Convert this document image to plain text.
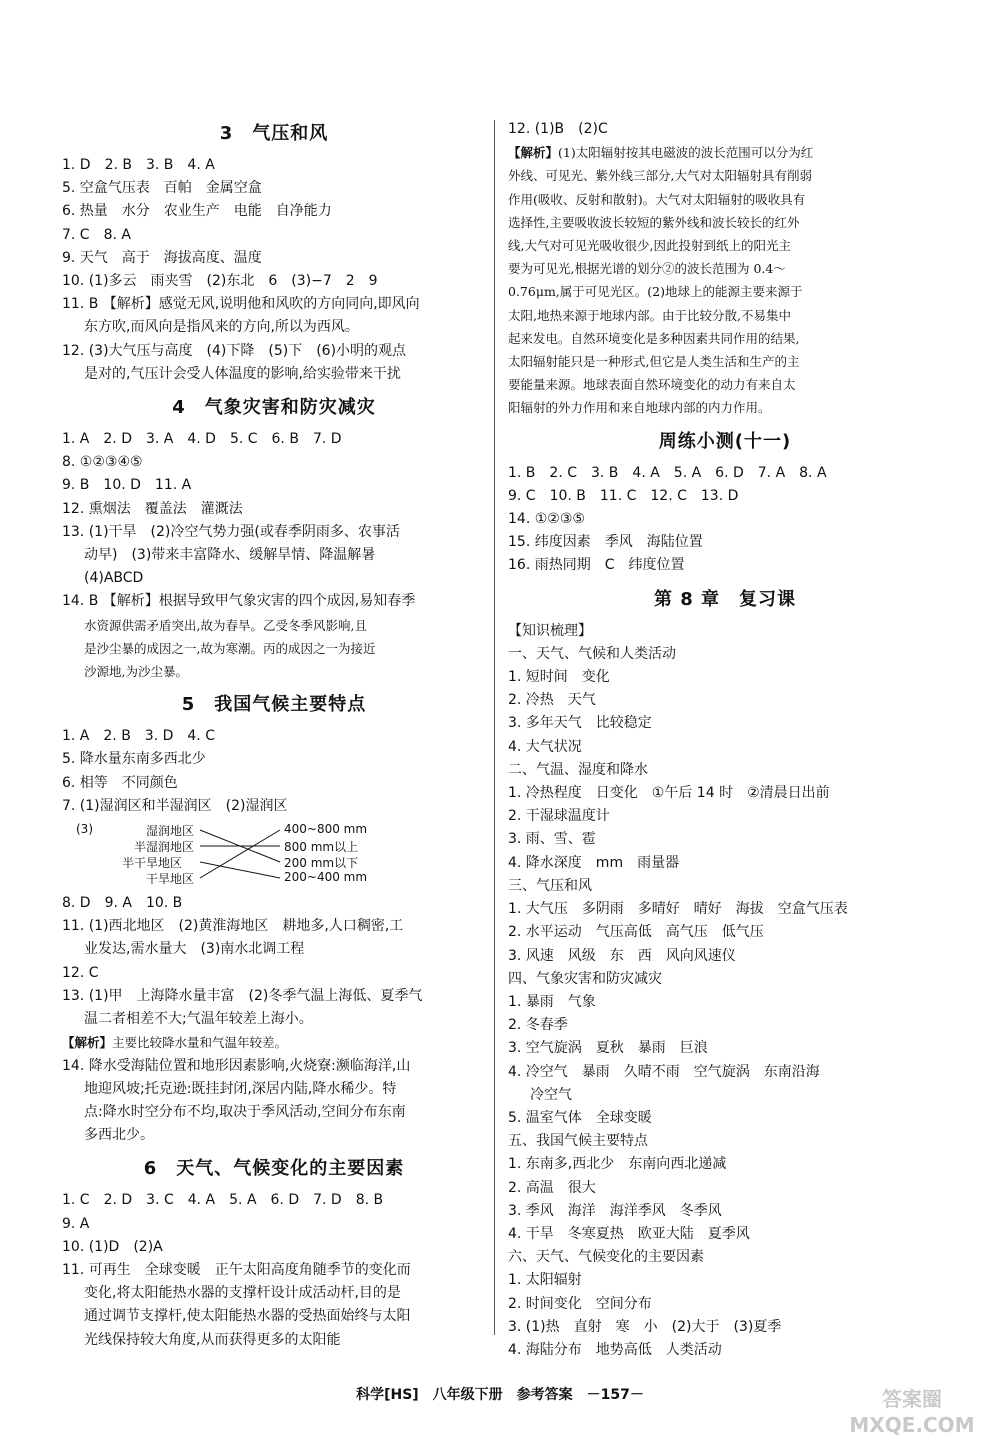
3　气压和风
1. D　2. B　3. B　4. A
5. 空盒气压表　百帕　金属空盒
6. 热量　水分　农业生产　电能　自净能力
7. C　8. A
9. 天气　高于　海拔高度、温度
10. (1)多云　雨夹雪　(2)东北　6　(3)−7　2　9
11. B 【解析】感觉无风,说明他和风吹的方向同向,即风向
东方吹,而风向是指风来的方向,所以为西风。
12. (3)大气压与高度　(4)下降　(5)下　(6)小明的观点
是对的,气压计会受人体温度的影响,给实验带来干扰
4　气象灾害和防灾减灾
1. A　2. D　3. A　4. D　5. C　6. B　7. D
8. ①②③④⑤
9. B　10. D　11. A
12. 熏烟法　覆盖法　灌溉法
13. (1)干旱　(2)冷空气势力强(或春季阴雨多、农事活
动早)　(3)带来丰富降水、缓解旱情、降温解暑
(4)ABCD
14. B 【解析】根据导致甲气象灾害的四个成因,易知春季
水资源供需矛盾突出,故为春旱。乙受冬季风影响,且
是沙尘暴的成因之一,故为寒潮。丙的成因之一为接近
沙源地,为沙尘暴。
5　我国气候主要特点
1. A　2. B　3. D　4. C
5. 降水量东南多西北少
6. 相等　不同颜色
7. (1)湿润区和半湿润区　(2)湿润区
(3)	湿润地区
半湿润地区
半干旱地区
干旱地区
400~800 mm
800 mm以上
200 mm以下
200~400 mm
8. D　9. A　10. B
11. (1)西北地区　(2)黄淮海地区　耕地多,人口稠密,工
业发达,需水量大　(3)南水北调工程
12. C
13. (1)甲　上海降水量丰富　(2)冬季气温上海低、夏季气
温二者相差不大;气温年较差上海小。
【解析】主要比较降水量和气温年较差。
14. 降水受海陆位置和地形因素影响,火烧寮:濒临海洋,山
地迎风坡;托克逊:既挂封闭,深居内陆,降水稀少。特
点:降水时空分布不均,取决于季风活动,空间分布东南
多西北少。
6　天气、气候变化的主要因素
1. C　2. D　3. C　4. A　5. A　6. D　7. D　8. B
9. A
10. (1)D　(2)A
11. 可再生　全球变暖　正午太阳高度角随季节的变化而
变化,将太阳能热水器的支撑杆设计成活动杆,目的是
通过调节支撑杆,使太阳能热水器的受热面始终与太阳
光线保持较大角度,从而获得更多的太阳能
12. (1)B　(2)C
【解析】(1)太阳辐射按其电磁波的波长范围可以分为红
外线、可见光、紫外线三部分,大气对太阳辐射具有削弱
作用(吸收、反射和散射)。大气对太阳辐射的吸收具有
选择性,主要吸收波长较短的紫外线和波长较长的红外
线,大气对可见光吸收很少,因此投射到纸上的阳光主
要为可见光,根据光谱的划分②的波长范围为 0.4～
0.76μm,属于可见光区。(2)地球上的能源主要来源于
太阳,地热来源于地球内部。由于比较分散,不易集中
起来发电。自然环境变化是多种因素共同作用的结果,
太阳辐射能只是一种形式,但它是人类生活和生产的主
要能量来源。地球表面自然环境变化的动力有来自太
阳辐射的外力作用和来自地球内部的内力作用。
周练小测(十一)
1. B　2. C　3. B　4. A　5. A　6. D　7. A　8. A
9. C　10. B　11. C　12. C　13. D
14. ①②③⑤
15. 纬度因素　季风　海陆位置
16. 雨热同期　C　纬度位置
第 8 章　复习课
【知识梳理】
一、天气、气候和人类活动
1. 短时间　变化
2. 冷热　天气
3. 多年天气　比较稳定
4. 大气状况
二、气温、湿度和降水
1. 冷热程度　日变化　①午后 14 时　②清晨日出前
2. 干湿球温度计
3. 雨、雪、雹
4. 降水深度　mm　雨量器
三、气压和风
1. 大气压　多阴雨　多晴好　晴好　海拔　空盒气压表
2. 水平运动　气压高低　高气压　低气压
3. 风速　风级　东　西　风向风速仪
四、气象灾害和防灾减灾
1. 暴雨　气象
2. 冬春季
3. 空气旋涡　夏秋　暴雨　巨浪
4. 冷空气　暴雨　久晴不雨　空气旋涡　东南沿海
冷空气
5. 温室气体　全球变暖
五、我国气候主要特点
1. 东南多,西北少　东南向西北递减
2. 高温　很大
3. 季风　海洋　海洋季风　冬季风
4. 干旱　冬寒夏热　欧亚大陆　夏季风
六、天气、气候变化的主要因素
1. 太阳辐射
2. 时间变化　空间分布
3. (1)热　直射　寒　小　(2)大于　(3)夏季
4. 海陆分布　地势高低　人类活动
科学[HS]　八年级下册　参考答案　－157－	答案圈
MXQE.COM
